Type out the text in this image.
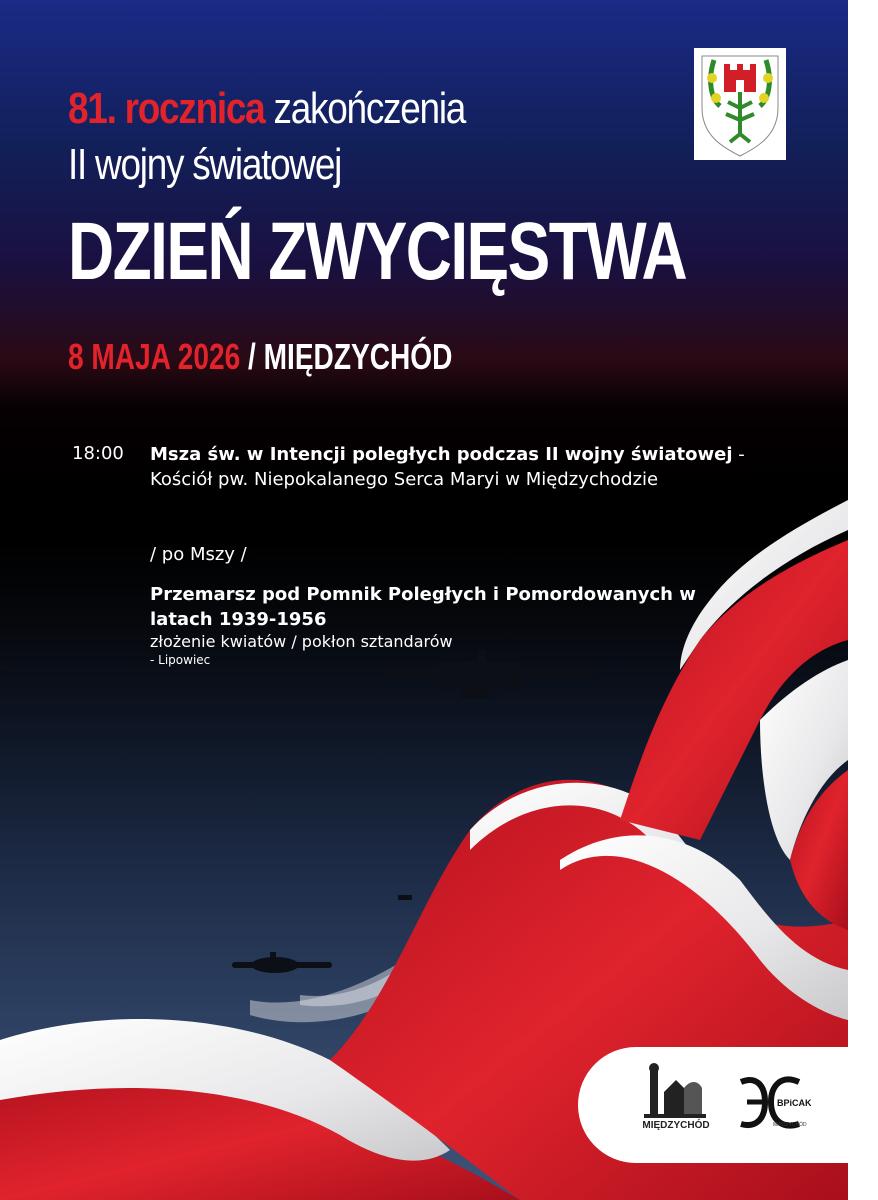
81. rocznica zakończenia
II wojny światowej
DZIEŃ ZWYCIĘSTWA
8 MAJA 2026 / MIĘDZYCHÓD
18:00 Msza św. w Intencji poległych podczas II wojny światowej - Kościół pw. Niepokalanego Serca Maryi w Międzychodzie
/ po Mszy /
Przemarsz pod Pomnik Poległych i Pomordowanych w latach 1939-1956
złożenie kwiatów / pokłon sztandarów
- Lipowiec
MIĘDZYCHÓD
BPiCAK
MIĘDZYCHÓD
